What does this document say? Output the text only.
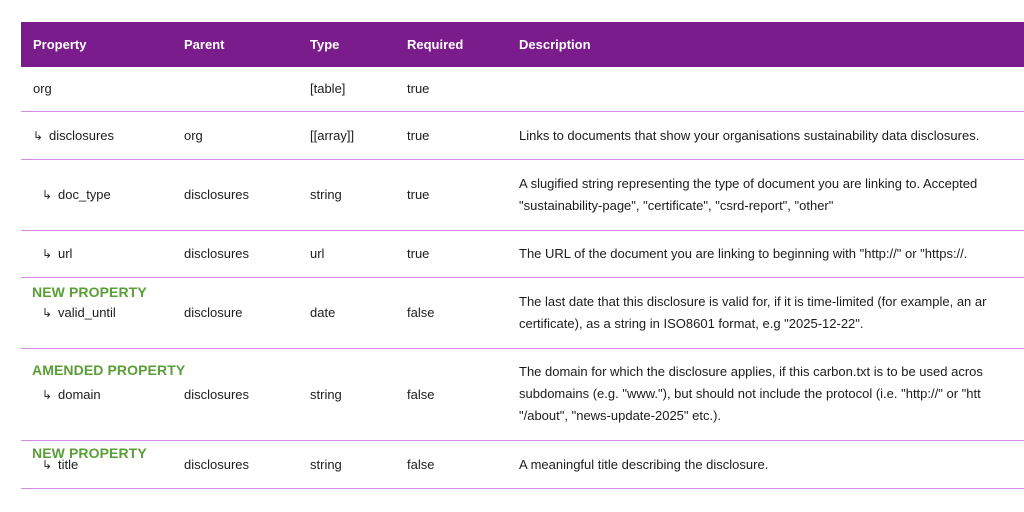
Property	Parent	Type	Required	Description
org		[table]	true	
↳ disclosures	org	[[array]]	true	Links to documents that show your organisations sustainability data disclosures.
↳ doc_type	disclosures	string	true	A slugified string representing the type of document you are linking to. Accepted
"sustainability-page", "certificate", "csrd-report", "other"

↳ url	disclosures	url	true	The URL of the document you are linking to beginning with "http://" or "https://.

NEW PROPERTY
↳ valid_until	disclosure	date	false	The last date that this disclosure is valid for, if it is time-limited (for example, an ar
certificate), as a string in ISO8601 format, e.g "2025-12-22".

AMENDED PROPERTY
↳ domain	disclosures	string	false	The domain for which the disclosure applies, if this carbon.txt is to be used acros
subdomains (e.g. "www."), but should not include the protocol (i.e. "http://" or "htt
"/about", "news-update-2025" etc.).

NEW PROPERTY
↳ title	disclosures	string	false	A meaningful title describing the disclosure.
